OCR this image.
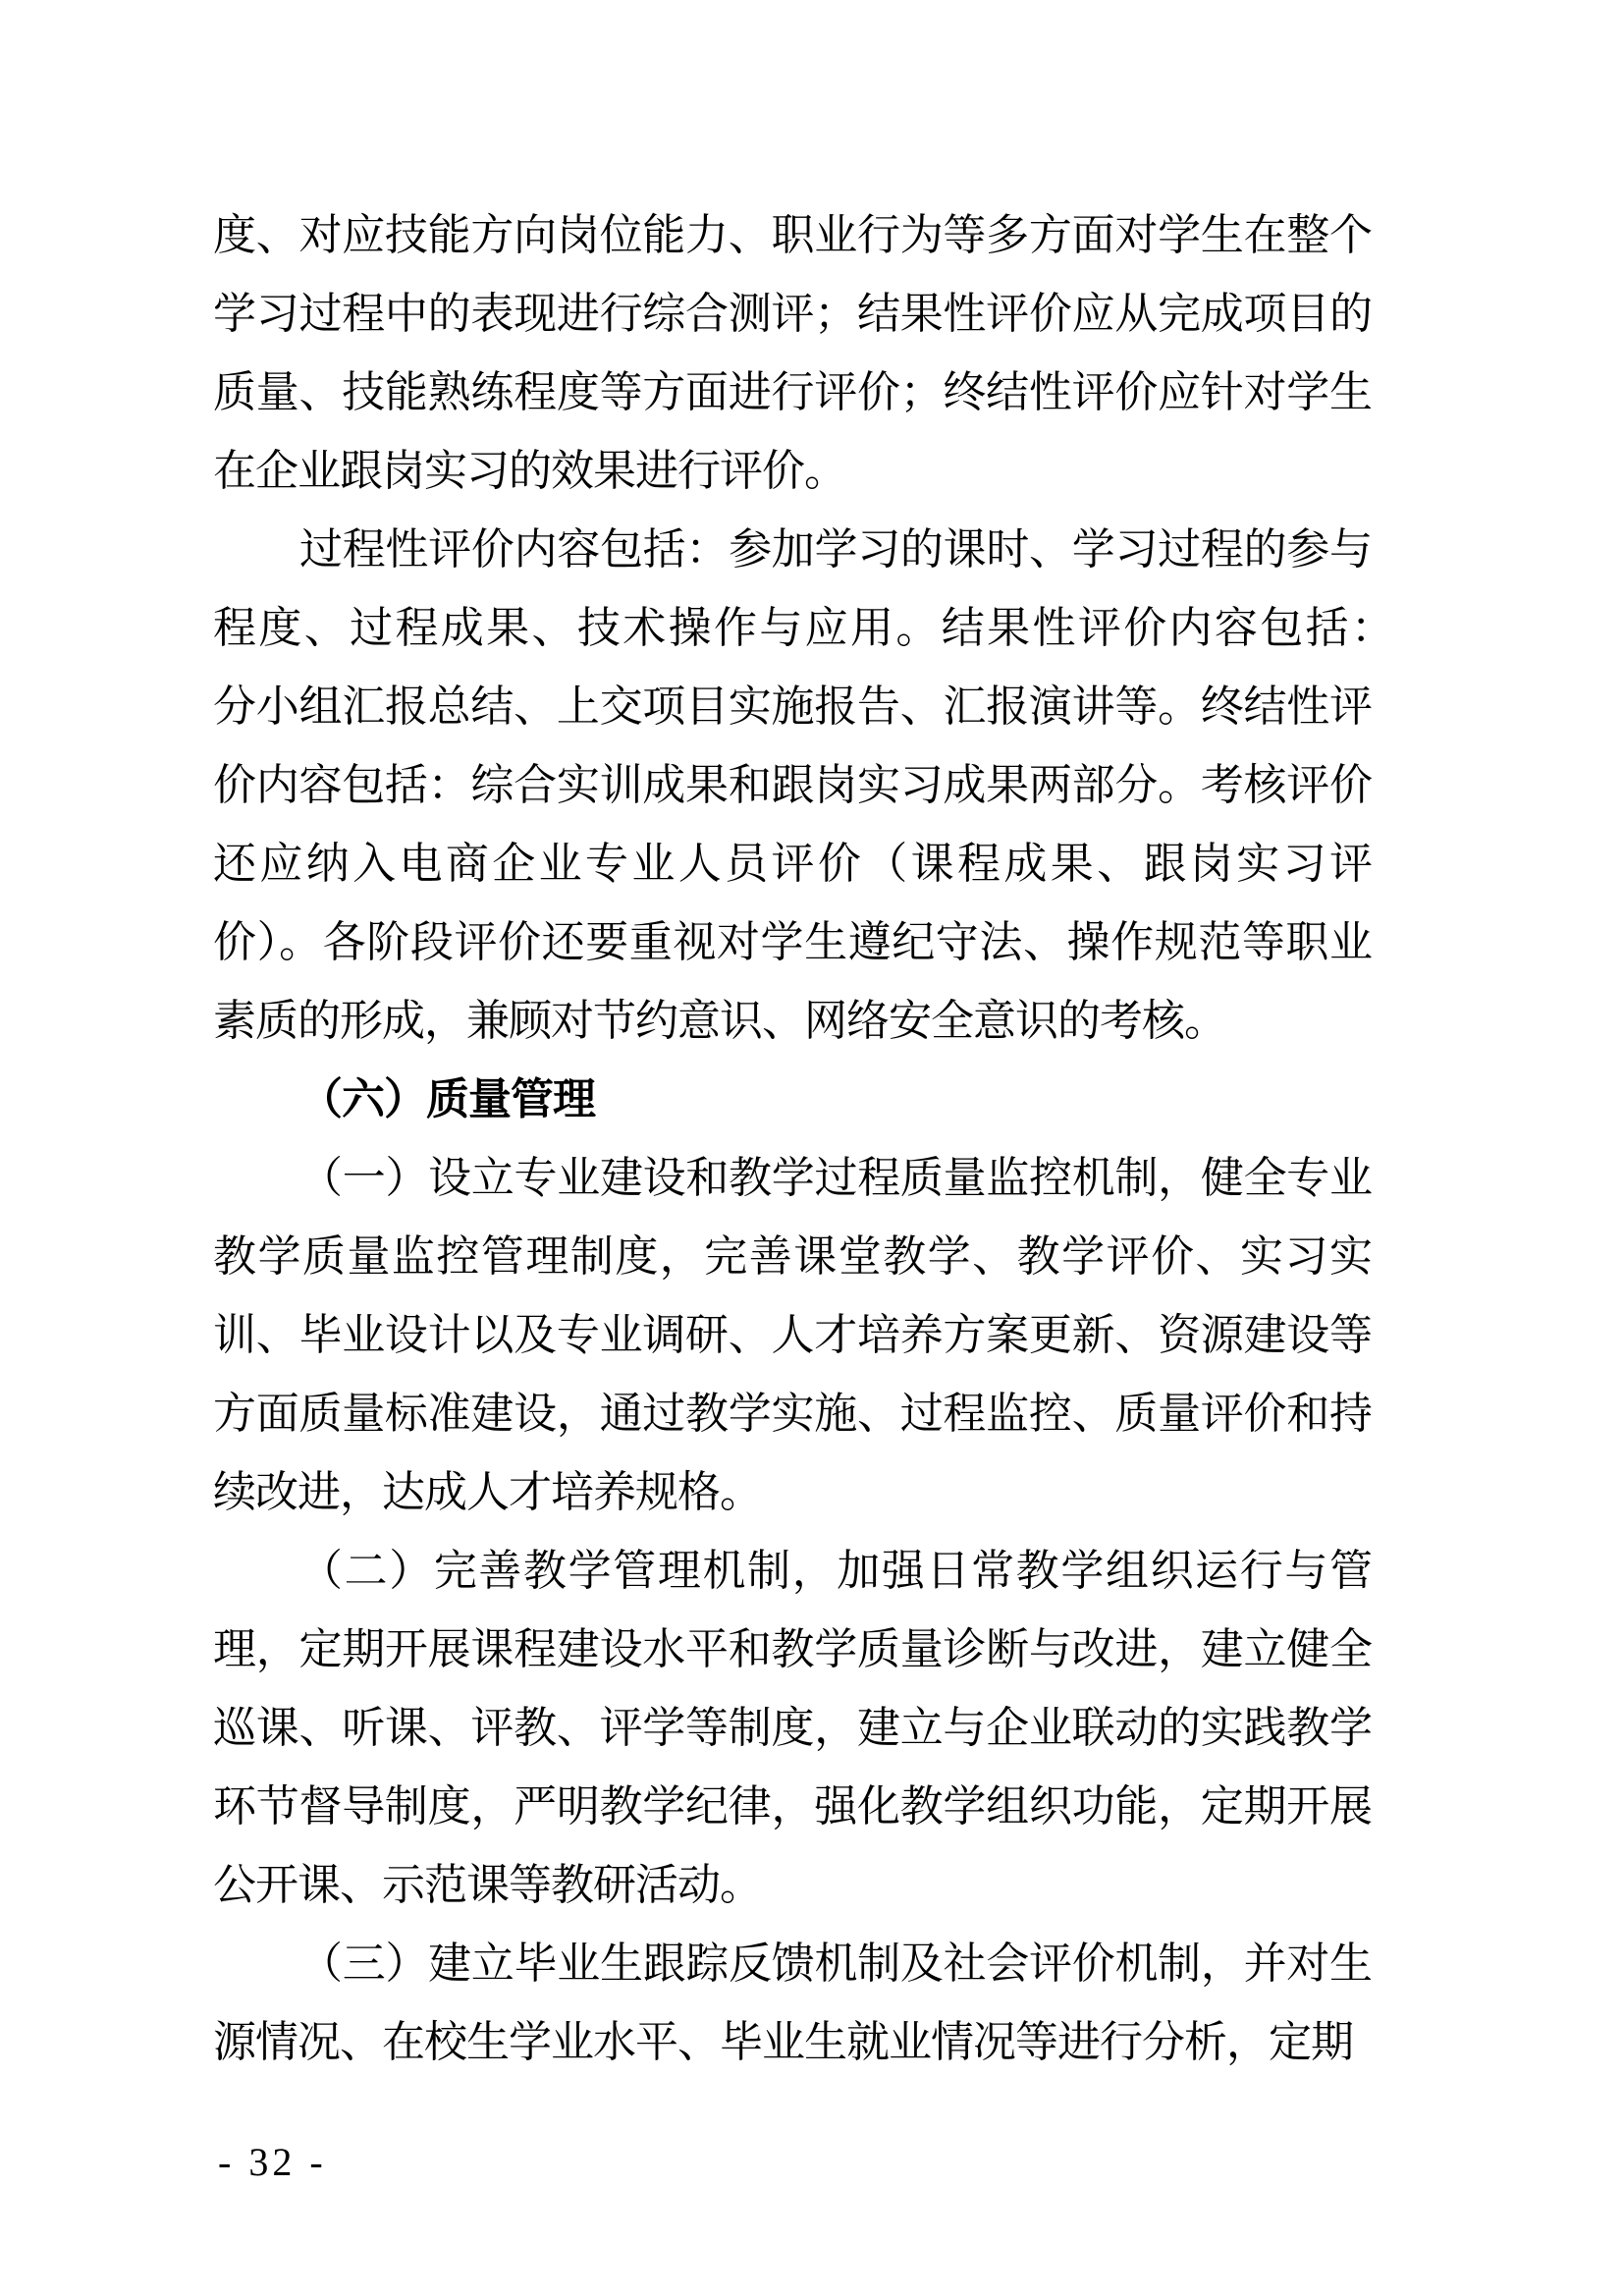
度、对应技能方向岗位能力、职业行为等多方面对学生在整个学习过程中的表现进行综合测评；结果性评价应从完成项目的质量、技能熟练程度等方面进行评价；终结性评价应针对学生在企业跟岗实习的效果进行评价。

过程性评价内容包括：参加学习的课时、学习过程的参与程度、过程成果、技术操作与应用。结果性评价内容包括：　分小组汇报总结、上交项目实施报告、汇报演讲等。终结性评价内容包括：综合实训成果和跟岗实习成果两部分。考核评价还应纳入电商企业专业人员评价（课程成果、跟岗实习评价）。各阶段评价还要重视对学生遵纪守法、操作规范等职业素质的形成，兼顾对节约意识、网络安全意识的考核。

（六）质量管理

（一）设立专业建设和教学过程质量监控机制，健全专业教学质量监控管理制度，完善课堂教学、教学评价、实习实训、毕业设计以及专业调研、人才培养方案更新、资源建设等方面质量标准建设，通过教学实施、过程监控、质量评价和持续改进，达成人才培养规格。

（二）完善教学管理机制，加强日常教学组织运行与管理，定期开展课程建设水平和教学质量诊断与改进，建立健全巡课、听课、评教、评学等制度，建立与企业联动的实践教学环节督导制度，严明教学纪律，强化教学组织功能，定期开展公开课、示范课等教研活动。

（三）建立毕业生跟踪反馈机制及社会评价机制，并对生源情况、在校生学业水平、毕业生就业情况等进行分析，定期

- 32 -
